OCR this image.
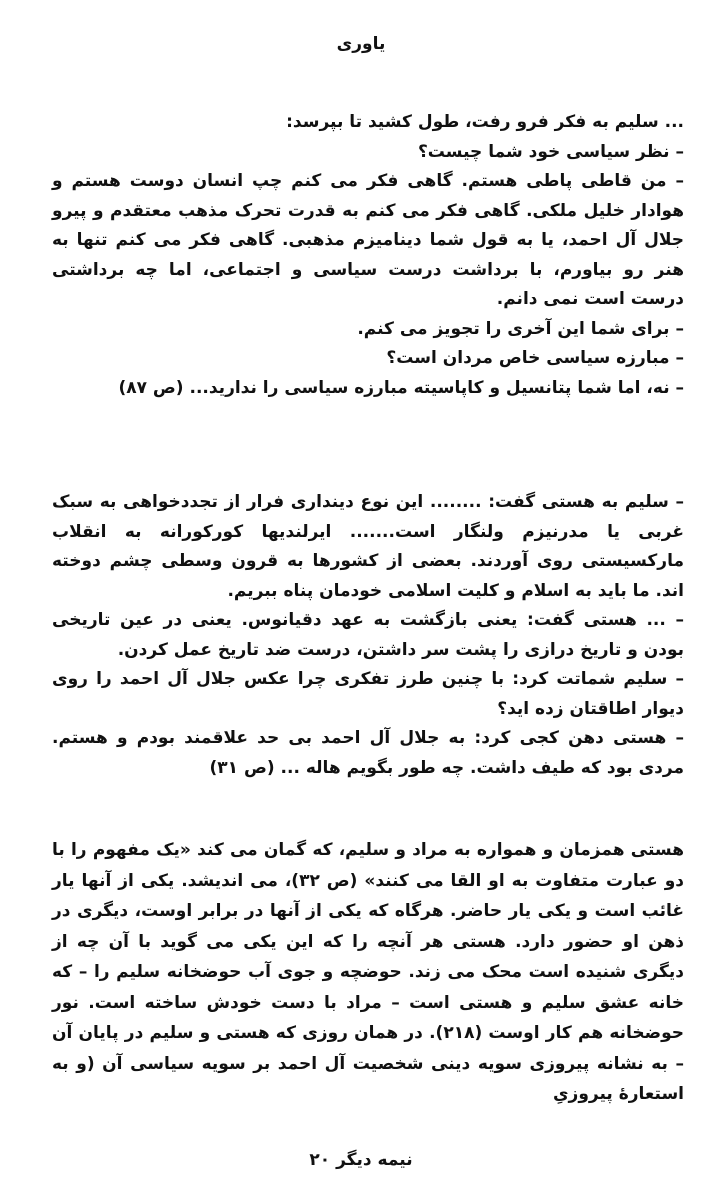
یاوری

... سلیم به فکر فرو رفت، طول کشید تا بپرسد:

– نظر سیاسی خود شما چیست؟

– من قاطی پاطی هستم. گاهی فکر می کنم چپ انسان دوست هستم و هوادار خلیل ملکی. گاهی فکر می کنم به قدرت تحرک مذهب معتقدم و پیرو جلال آل احمد، یا به قول شما دینامیزم مذهبی. گاهی فکر می کنم تنها به هنر رو بیاورم، با برداشت درست سیاسی و اجتماعی، اما چه برداشتی درست است نمی دانم.

– برای شما این آخری را تجویز می کنم.

– مبارزه سیاسی خاص مردان است؟

– نه، اما شما پتانسیل و کاپاسیته مبارزه سیاسی را ندارید... (ص ۸۷)

– سلیم به هستی گفت: ........ این نوع دینداری فرار از تجددخواهی به سبک غربی یا مدرنیزم ولنگار است....... ایرلندیها کورکورانه به انقلاب مارکسیستی روی آوردند. بعضی از کشورها به قرون وسطی چشم دوخته اند. ما باید به اسلام و کلیت اسلامی خودمان پناه ببریم.

– ... هستی گفت: یعنی بازگشت به عهد دقیانوس. یعنی در عین تاریخی بودن و تاریخ درازی را پشت سر داشتن، درست ضد تاریخ عمل کردن.

– سلیم شماتت کرد: با چنین طرز تفکری چرا عکس جلال آل احمد را روی دیوار اطاقتان زده اید؟

– هستی دهن کجی کرد: به جلال آل احمد بی حد علاقمند بودم و هستم. مردی بود که طیف داشت. چه طور بگویم هاله ... (ص ۳۱)

هستی همزمان و همواره به مراد و سلیم، که گمان می کند «یک مفهوم را با دو عبارت متفاوت به او القا می کنند» (ص ۳۲)، می اندیشد. یکی از آنها یار غائب است و یکی یار حاضر. هرگاه که یکی از آنها در برابر اوست، دیگری در ذهن او حضور دارد. هستی هر آنچه را که این یکی می گوید با آن چه از دیگری شنیده است محک می زند. حوضچه و جوی آب حوضخانه سلیم را – که خانه عشق سلیم و هستی است – مراد با دست خودش ساخته است. نور حوضخانه هم کار اوست (۲۱۸). در همان روزی که هستی و سلیم در پایان آن – به نشانه پیروزی سویه دینی شخصیت آل احمد بر سویه سیاسی آن (و به استعارهٔ پیروزیِ

نیمه دیگر ۲۰
